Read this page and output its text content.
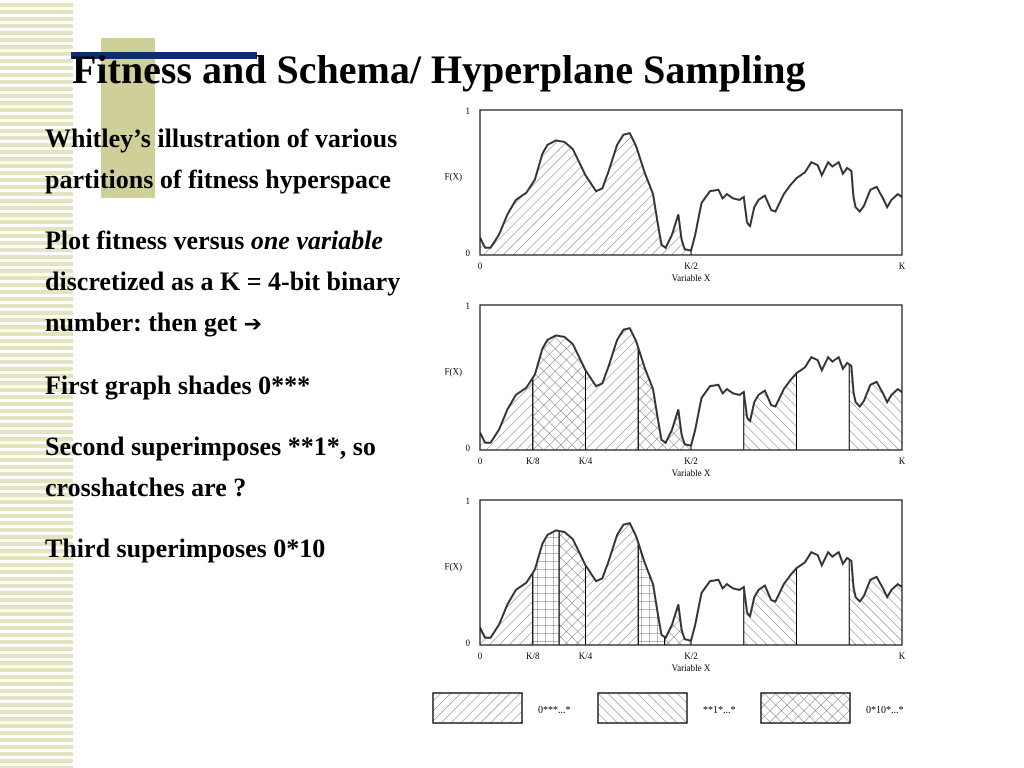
Fitness and Schema/ Hyperplane Sampling

Whitley’s illustration of various partitions of fitness hyperspace

Plot fitness versus one variable discretized as a K = 4-bit binary number: then get ➔

First graph shades 0***

Second superimposes **1*, so crosshatches are ?

Third superimposes 0*10

1
0
F(X)
0	K/2	K
Variable X
1
0
F(X)
0	K/8	K/4	K/2	K
Variable X
1
0
F(X)
0	K/8	K/4	K/2	K
Variable X
0***...*	**1*...*	0*10*...*
